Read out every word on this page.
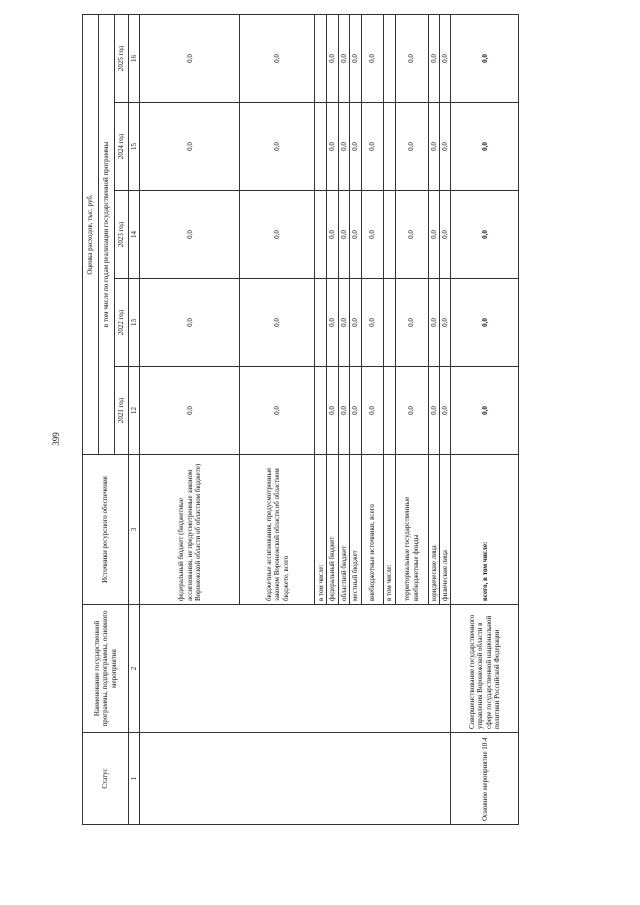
399
Статус	Наименование государственной программы, подпрограммы, основного мероприятия	Источники ресурсного обеспечения	Оценка расходов, тыс. руб.				
			в том числе по годам реализации государственной программы				
			2021 год	2022 год	2023 год	2024 год	2025 год
1	2	3	12	13	14	15	16
		федеральный бюджет (бюджетные ассигнования, не предусмотренные законом Воронежской области об областном бюджете)	0,0	0,0	0,0	0,0	0,0
		бюджетные ассигнования, предусмотренные законом Воронежской области об областном бюджете, всего	0,0	0,0	0,0	0,0	0,0
		в том числе:					
		федеральный бюджет	0,0	0,0	0,0	0,0	0,0
		областной бюджет	0,0	0,0	0,0	0,0	0,0
		местный бюджет	0,0	0,0	0,0	0,0	0,0
		внебюджетные источники, всего	0,0	0,0	0,0	0,0	0,0
		в том числе:					
		территориальные государственные внебюджетные фонды	0,0	0,0	0,0	0,0	0,0
		юридические лица	0,0	0,0	0,0	0,0	0,0
		физические лица	0,0	0,0	0,0	0,0	0,0
Основное мероприятие 10.4	Совершенствование государственного управления Воронежской области в сфере государственной национальной политики Российской Федерации	всего, в том числе:	0,0	0,0	0,0	0,0	0,0
